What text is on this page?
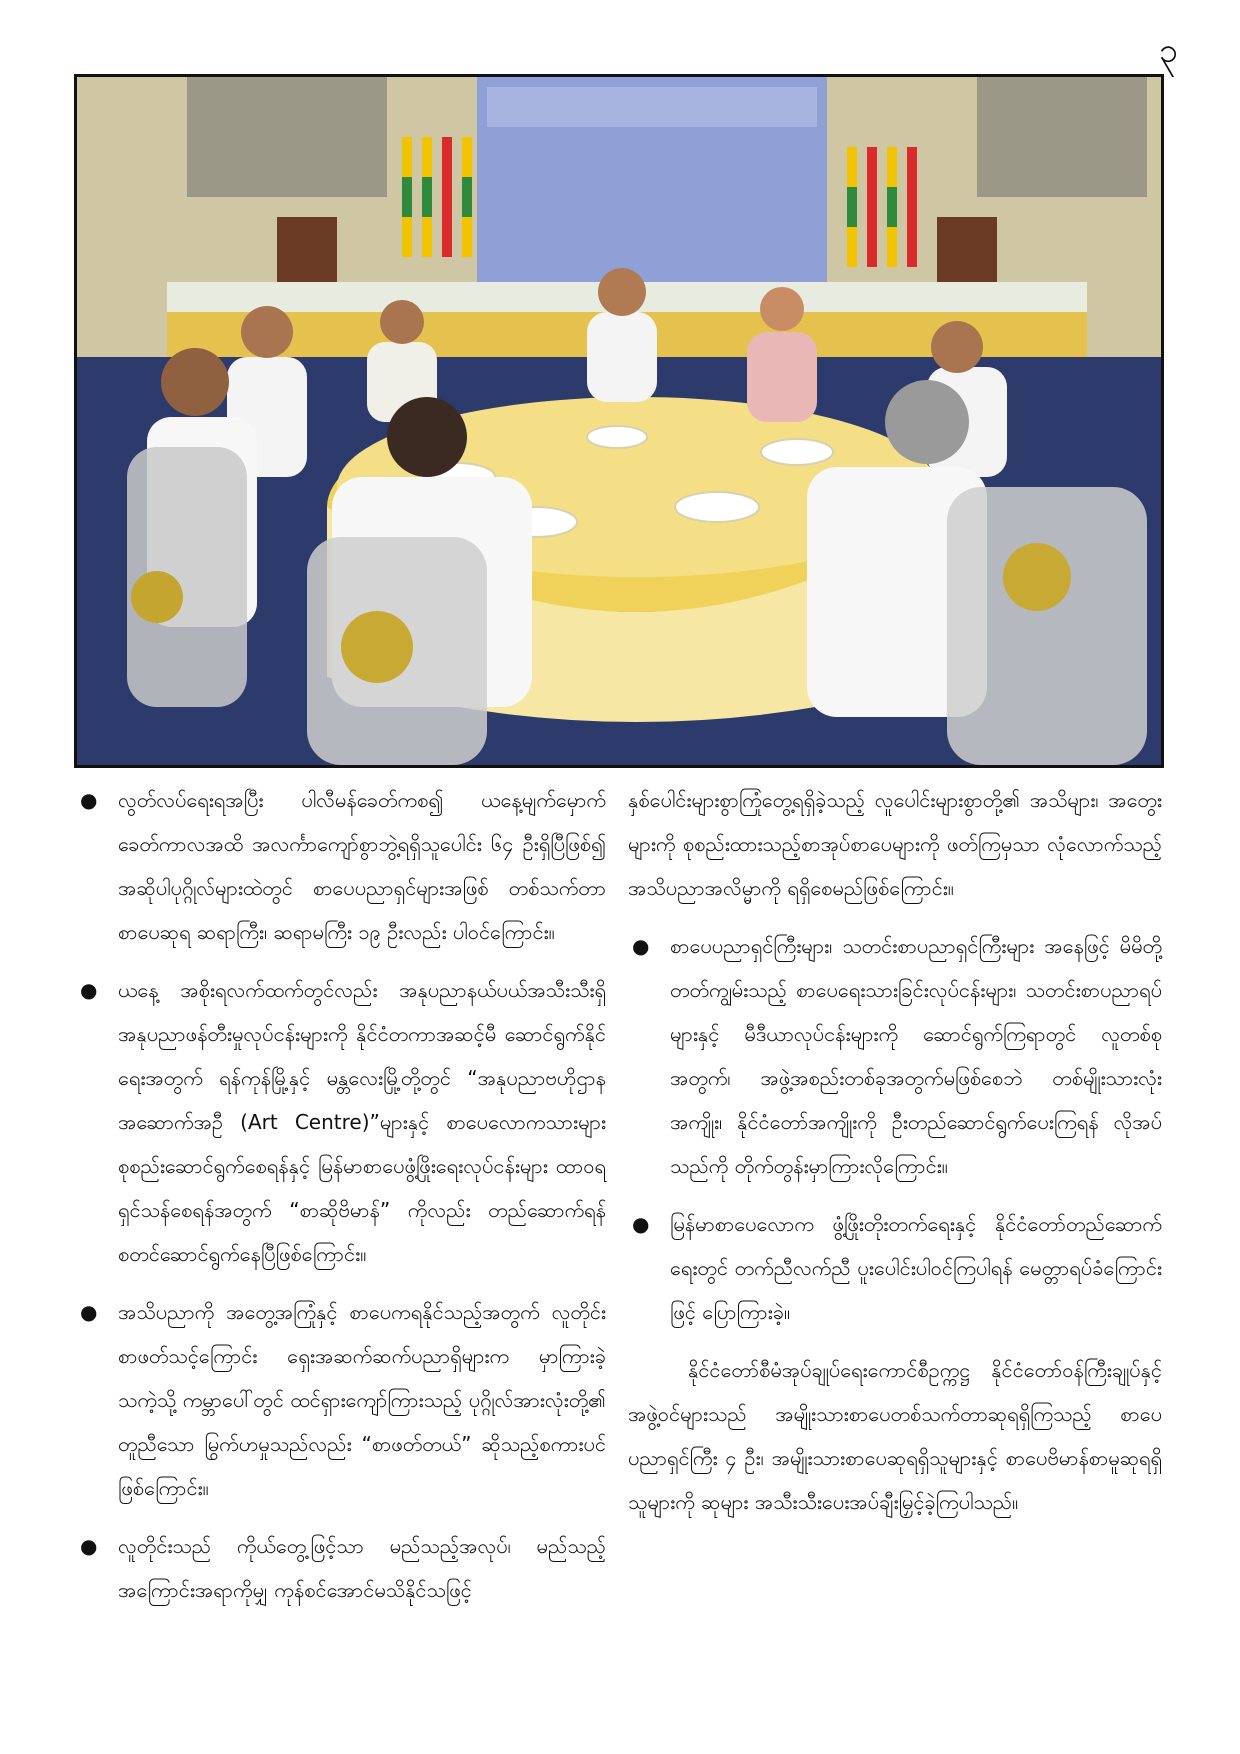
၃
● လွတ်လပ်ရေးရအပြီး ပါလီမန်ခေတ်ကစ၍ ယနေ့မျက်မှောက်ခေတ်ကာလအထိ အလင်္ကာကျော်စွာဘွဲ့ရရှိသူပေါင်း ၆၄ ဦးရှိပြီဖြစ်၍ အဆိုပါပုဂ္ဂိုလ်များထဲတွင် စာပေပညာရှင်များအဖြစ် တစ်သက်တာစာပေဆုရ ဆရာကြီး၊ ဆရာမကြီး ၁၉ ဦးလည်း ပါဝင်ကြောင်း။
● ယနေ့ အစိုးရလက်ထက်တွင်လည်း အနုပညာနယ်ပယ်အသီးသီးရှိ အနုပညာဖန်တီးမှုလုပ်ငန်းများကို နိုင်ငံတကာအဆင့်မီ ဆောင်ရွက်နိုင်ရေးအတွက် ရန်ကုန်မြို့နှင့် မန္တလေးမြို့တို့တွင် “အနုပညာဗဟိုဌာနအဆောက်အဦ (Art Centre)”များနှင့် စာပေလောကသားများ စုစည်းဆောင်ရွက်စေရန်နှင့် မြန်မာစာပေဖွံ့ဖြိုးရေးလုပ်ငန်းများ ထာဝရ ရှင်သန်စေရန်အတွက် “စာဆိုဗိမာန်” ကိုလည်း တည်ဆောက်ရန် စတင်ဆောင်ရွက်နေပြီဖြစ်ကြောင်း။
● အသိပညာကို အတွေ့အကြုံနှင့် စာပေကရနိုင်သည့်အတွက် လူတိုင်းစာဖတ်သင့်ကြောင်း ရှေးအဆက်ဆက်ပညာရှိများက မှာကြားခဲ့သကဲ့သို့ ကမ္ဘာပေါ်တွင် ထင်ရှားကျော်ကြားသည့် ပုဂ္ဂိုလ်အားလုံးတို့၏ တူညီသော မြွက်ဟမှုသည်လည်း “စာဖတ်တယ်” ဆိုသည့်စကားပင်ဖြစ်ကြောင်း။
● လူတိုင်းသည် ကိုယ်တွေ့ဖြင့်သာ မည်သည့်အလုပ်၊ မည်သည့်အကြောင်းအရာကိုမျှ ကုန်စင်အောင်မသိနိုင်သဖြင့်

နှစ်ပေါင်းများစွာကြုံတွေ့ရရှိခဲ့သည့် လူပေါင်းများစွာတို့၏ အသိများ၊ အတွေးများကို စုစည်းထားသည့်စာအုပ်စာပေများကို ဖတ်ကြမှသာ လုံလောက်သည့် အသိပညာအလိမ္မာကို ရရှိစေမည်ဖြစ်ကြောင်း။

● စာပေပညာရှင်ကြီးများ၊ သတင်းစာပညာရှင်ကြီးများ အနေဖြင့် မိမိတို့တတ်ကျွမ်းသည့် စာပေရေးသားခြင်းလုပ်ငန်းများ၊ သတင်းစာပညာရပ်များနှင့် မီဒီယာလုပ်ငန်းများကို ဆောင်ရွက်ကြရာတွင် လူတစ်စုအတွက်၊ အဖွဲ့အစည်းတစ်ခုအတွက်မဖြစ်စေဘဲ တစ်မျိုးသားလုံးအကျိုး၊ နိုင်ငံတော်အကျိုးကို ဦးတည်ဆောင်ရွက်ပေးကြရန် လိုအပ်သည်ကို တိုက်တွန်းမှာကြားလိုကြောင်း။
● မြန်မာစာပေလောက ဖွံ့ဖြိုးတိုးတက်ရေးနှင့် နိုင်ငံတော်တည်ဆောက်ရေးတွင် တက်ညီလက်ညီ ပူးပေါင်းပါဝင်ကြပါရန် မေတ္တာရပ်ခံကြောင်းဖြင့် ပြောကြားခဲ့။

နိုင်ငံတော်စီမံအုပ်ချုပ်ရေးကောင်စီဥက္ကဋ္ဌ နိုင်ငံတော်ဝန်ကြီးချုပ်နှင့် အဖွဲ့ဝင်များသည် အမျိုးသားစာပေတစ်သက်တာဆုရရှိကြသည့် စာပေပညာရှင်ကြီး ၄ ဦး၊ အမျိုးသားစာပေဆုရရှိသူများနှင့် စာပေဗိမာန်စာမူဆုရရှိသူများကို ဆုများ အသီးသီးပေးအပ်ချီးမြှင့်ခဲ့ကြပါသည်။
